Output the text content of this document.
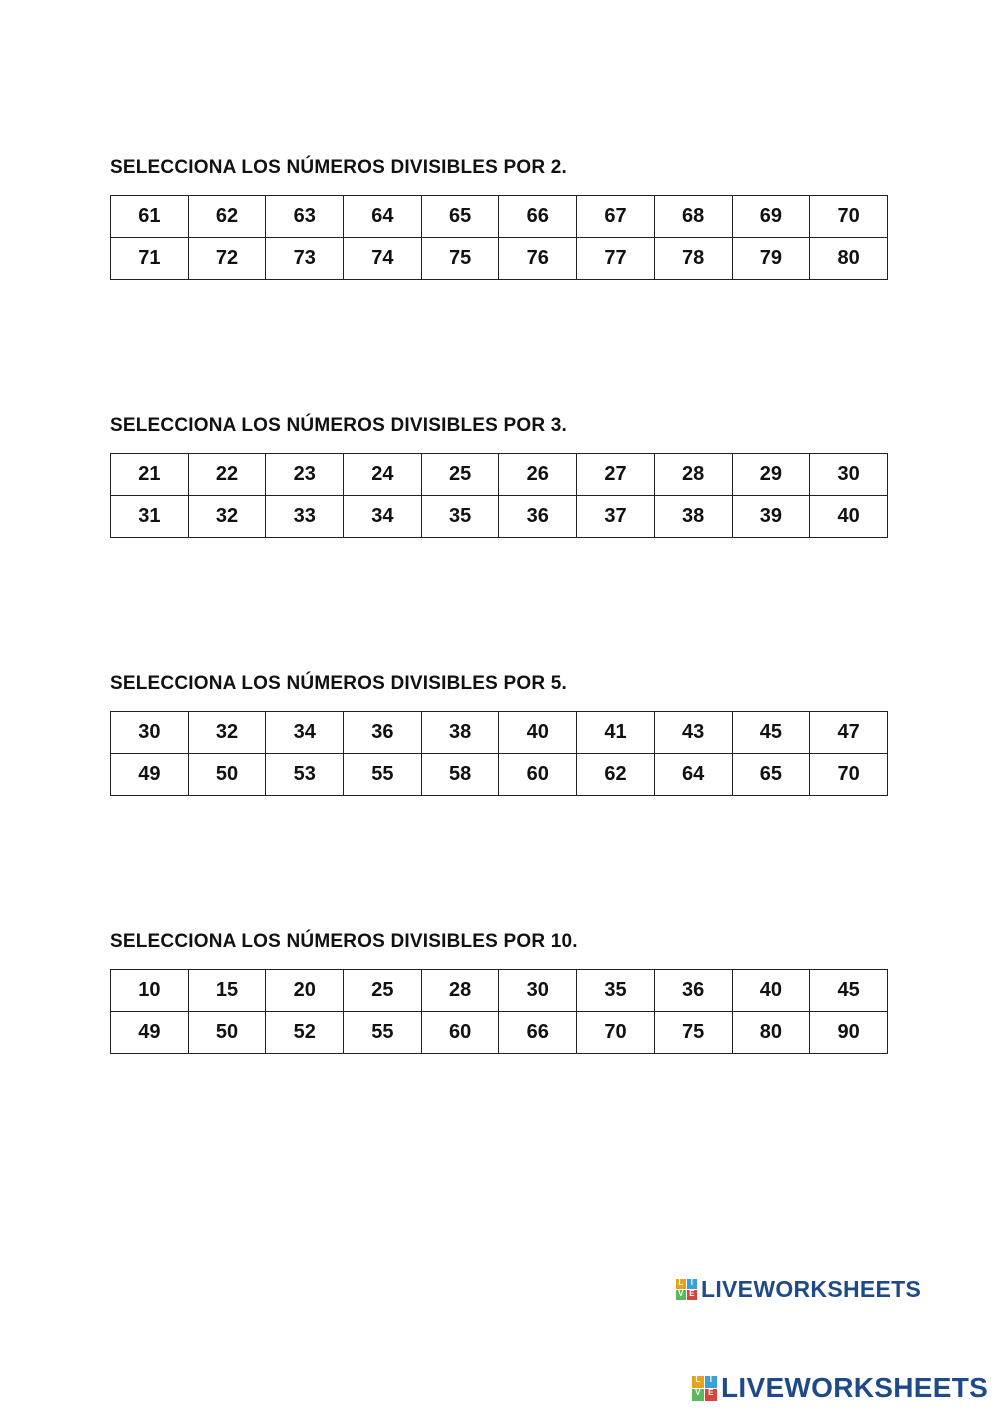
SELECCIONA LOS NÚMEROS DIVISIBLES POR 2.
61	62	63	64	65	66	67	68	69	70
71	72	73	74	75	76	77	78	79	80
SELECCIONA LOS NÚMEROS DIVISIBLES POR 3.
21	22	23	24	25	26	27	28	29	30
31	32	33	34	35	36	37	38	39	40
SELECCIONA LOS NÚMEROS DIVISIBLES POR 5.
30	32	34	36	38	40	41	43	45	47
49	50	53	55	58	60	62	64	65	70
SELECCIONA LOS NÚMEROS DIVISIBLES POR 10.
10	15	20	25	28	30	35	36	40	45
49	50	52	55	60	66	70	75	80	90
L I
V E LIVEWORKSHEETS
L	I
V E LIVEWORKSHEETS
